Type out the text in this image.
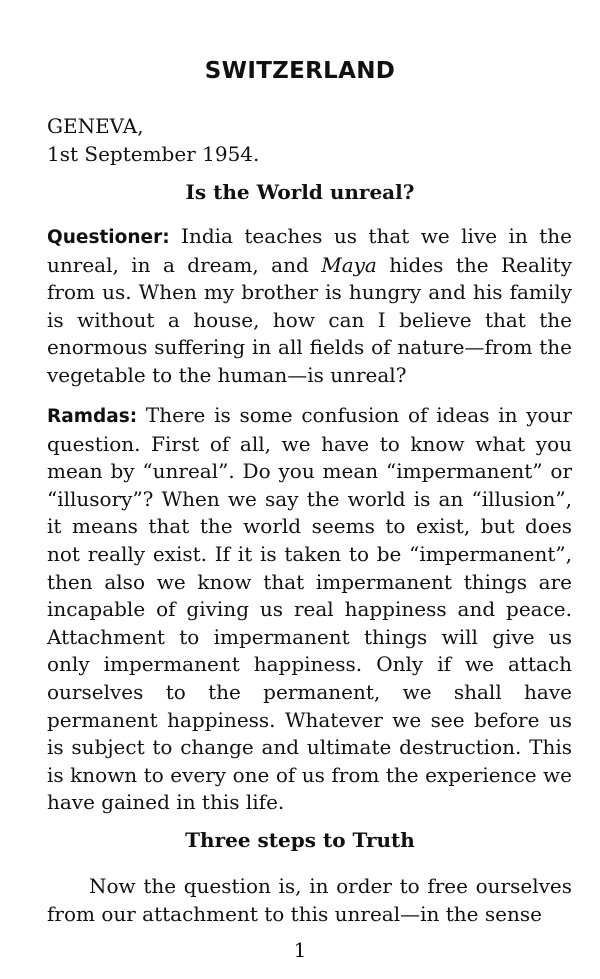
SWITZERLAND
GENEVA,
1st September 1954.
Is the World unreal?
Questioner: India teaches us that we live in the unreal, in a dream, and Maya hides the Reality from us. When my brother is hungry and his family is without a house, how can I believe that the enormous suffering in all fields of nature—from the vegetable to the human—is unreal?
Ramdas: There is some confusion of ideas in your question. First of all, we have to know what you mean by “unreal”. Do you mean “impermanent” or “illusory”? When we say the world is an “illusion”, it means that the world seems to exist, but does not really exist. If it is taken to be “impermanent”, then also we know that impermanent things are incapable of giving us real happiness and peace. Attachment to impermanent things will give us only impermanent happiness. Only if we attach ourselves to the permanent, we shall have permanent happiness. Whatever we see before us is subject to change and ultimate destruction. This is known to every one of us from the experience we have gained in this life.
Three steps to Truth
Now the question is, in order to free ourselves from our attachment to this unreal—in the sense
1
